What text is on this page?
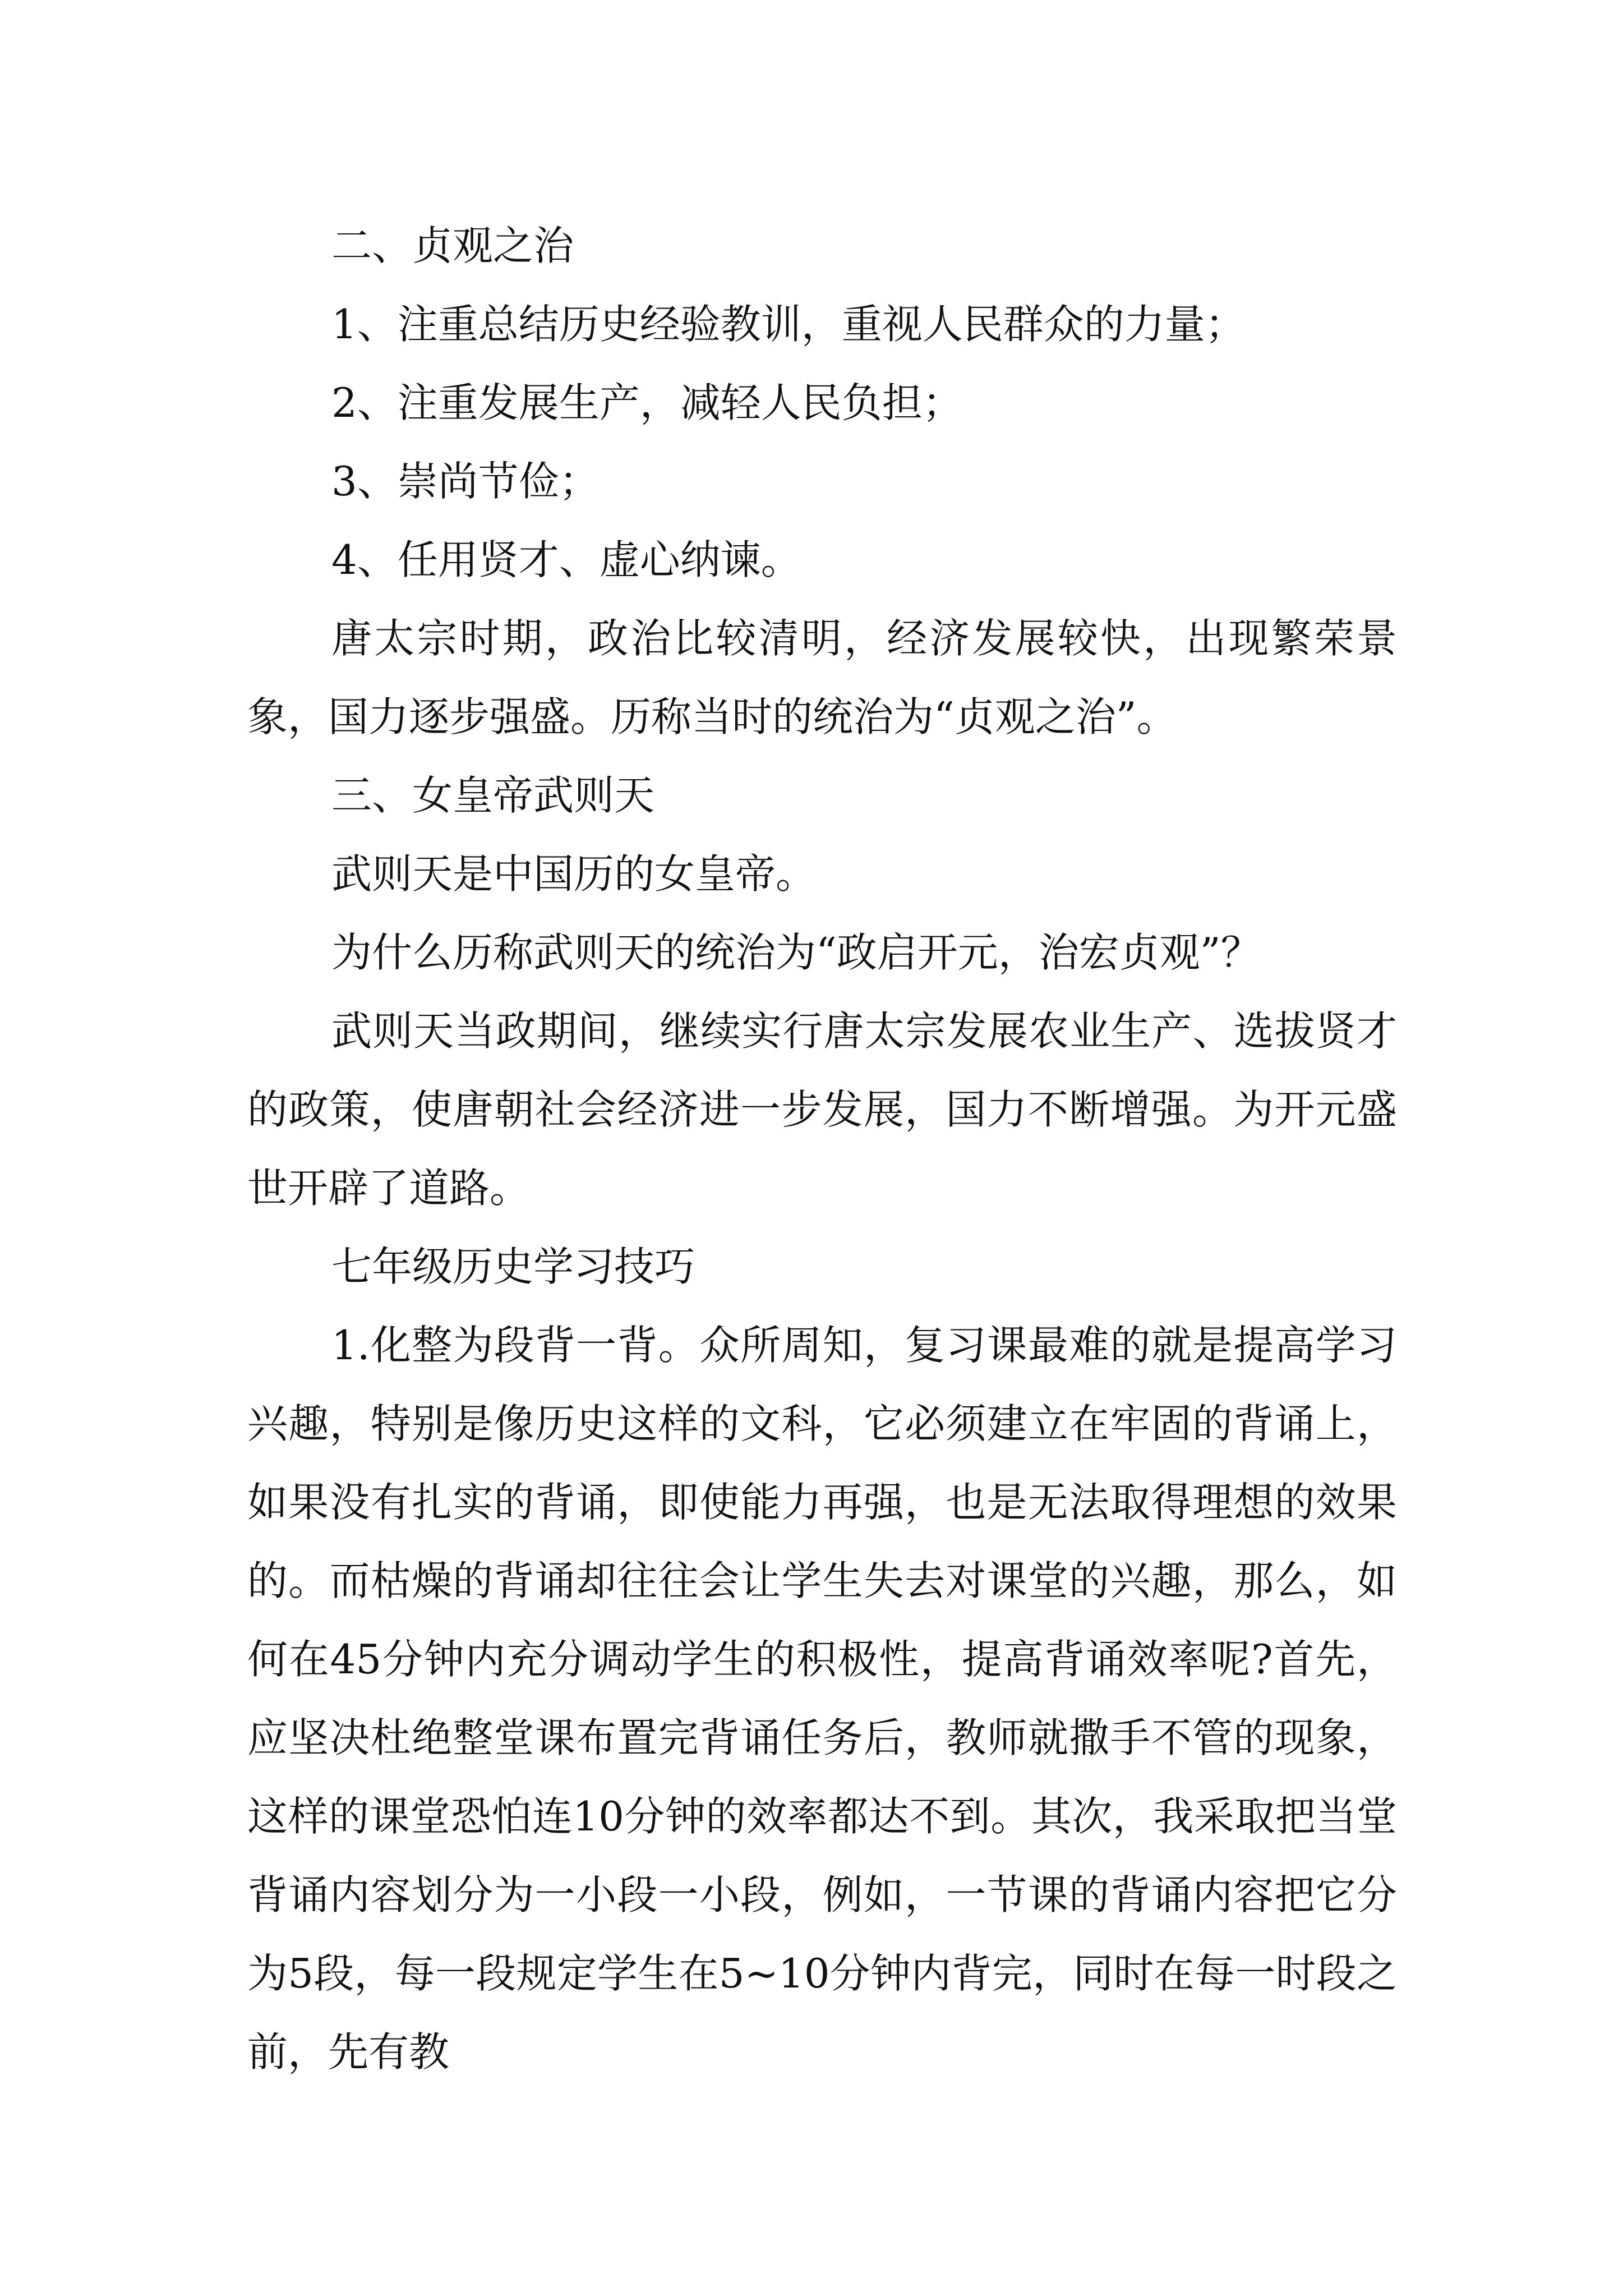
二、贞观之治

1、注重总结历史经验教训，重视人民群众的力量；

2、注重发展生产，减轻人民负担；

3、崇尚节俭；

4、任用贤才、虚心纳谏。

唐太宗时期，政治比较清明，经济发展较快，出现繁荣景象，国力逐步强盛。历称当时的统治为“贞观之治”。

三、女皇帝武则天

武则天是中国历的女皇帝。

为什么历称武则天的统治为“政启开元，治宏贞观”？

武则天当政期间，继续实行唐太宗发展农业生产、选拔贤才的政策，使唐朝社会经济进一步发展，国力不断增强。为开元盛世开辟了道路。

七年级历史学习技巧

1.化整为段背一背。众所周知，复习课最难的就是提高学习兴趣，特别是像历史这样的文科，它必须建立在牢固的背诵上，如果没有扎实的背诵，即使能力再强，也是无法取得理想的效果的。而枯燥的背诵却往往会让学生失去对课堂的兴趣，那么，如何在45分钟内充分调动学生的积极性，提高背诵效率呢?首先，应坚决杜绝整堂课布置完背诵任务后，教师就撒手不管的现象，这样的课堂恐怕连10分钟的效率都达不到。其次，我采取把当堂背诵内容划分为一小段一小段，例如，一节课的背诵内容把它分为5段，每一段规定学生在5~10分钟内背完，同时在每一时段之前，先有教
